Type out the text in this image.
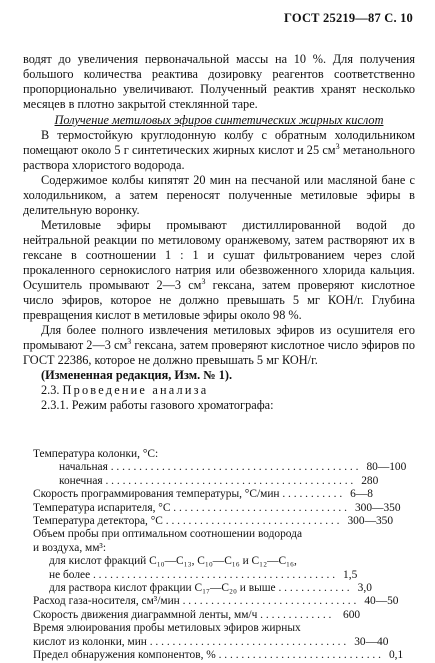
ГОСТ 25219—87 С. 10

водят до увеличения первоначальной массы на 10 %. Для получения большого количества реактива дозировку реагентов соответственно пропорционально увеличивают. Полученный реактив хранят несколько месяцев в плотно закрытой стеклянной таре.

Получение метиловых эфиров синтетических жирных кислот

В термостойкую круглодонную колбу с обратным холодильником помещают около 5 г синтетических жирных кислот и 25 $см^3$ метанольного раствора хлористого водорода.

Содержимое колбы кипятят 20 мин на песчаной или масляной бане с холодильником, а затем переносят полученные метиловые эфиры в делительную воронку.

Метиловые эфиры промывают дистиллированной водой до нейтральной реакции по метиловому оранжевому, затем растворяют их в гексане в соотношении 1 : 1 и сушат фильтрованием через слой прокаленного сернокислого натрия или обезвоженного хлорида кальция. Осушитель промывают 2—3 $см^3$ гексана, затем проверяют кислотное число эфиров, которое не должно превышать 5 мг КОН/г. Глубина превращения кислот в метиловые эфиры около 98 %.

Для более полного извлечения метиловых эфиров из осушителя его промывают 2—3 $см^3$ гексана, затем проверяют кислотное число эфиров по ГОСТ 22386, которое не должно превышать 5 мг КОН/г.

(Измененная редакция, Изм. № 1).

2.3. Проведение анализа

2.3.1. Режим работы газового хроматографа:

Температура колонки, °С:
начальная . . . . . . . . . . . . . . . . . . . . . . . . . . . . . . . . . . . . . . . . . . . . 80—100
конечная . . . . . . . . . . . . . . . . . . . . . . . . . . . . . . . . . . . . . . . . . . . . 280
Скорость программирования температуры, °С/мин . . . . . . . . . . . 6—8
Температура испарителя, °С . . . . . . . . . . . . . . . . . . . . . . . . . . . . . . . 300—350
Температура детектора, °С . . . . . . . . . . . . . . . . . . . . . . . . . . . . . . . 300—350
Объем пробы при оптимальном соотношении водорода
и воздуха, мм³:
для кислот фракций C₁₀—C₁₃, C₁₀—C₁₆ и C₁₂—C₁₆,
не более . . . . . . . . . . . . . . . . . . . . . . . . . . . . . . . . . . . . . . . . . . . 1,5
для раствора кислот фракции C₁₇—C₂₀ и выше . . . . . . . . . . . . . 3,0
Расход газа-носителя, см³/мин . . . . . . . . . . . . . . . . . . . . . . . . . . . . . . . 40—50
Скорость движения диаграммной ленты, мм/ч . . . . . . . . . . . . .	600
Время элюирования пробы метиловых эфиров жирных
кислот из колонки, мин . . . . . . . . . . . . . . . . . . . . . . . . . . . . . . . . . . . 30—40
Предел обнаружения компонентов, % . . . . . . . . . . . . . . . . . . . . . . . . . . . . . 0,1
